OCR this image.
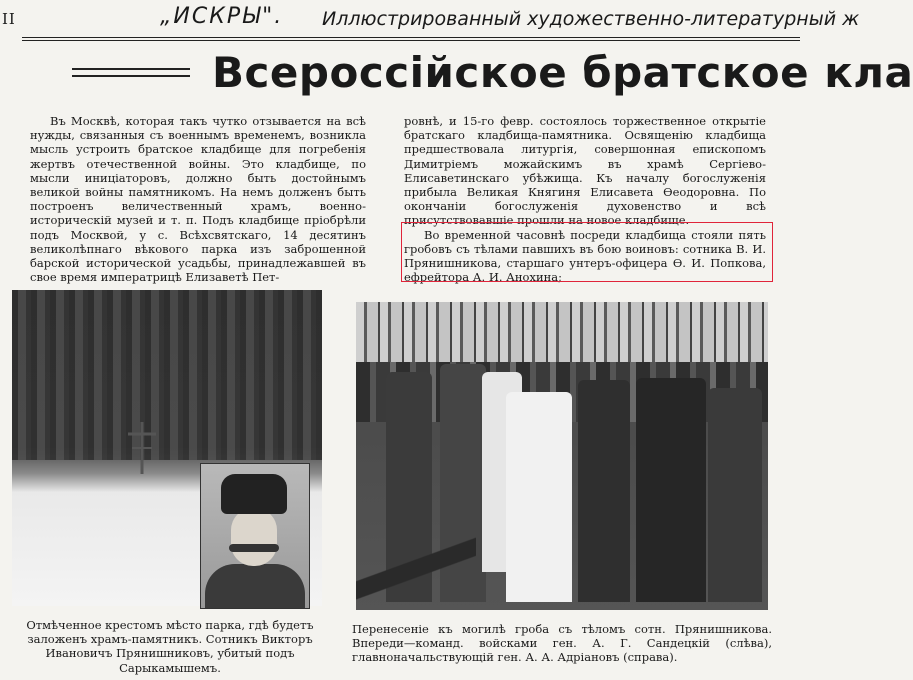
ІІ	„ИСКРЫ". Иллюстрированный художественно-литературный ж
Всероссійское братское кла

Въ Москвѣ, которая такъ чутко отзывается на всѣ нужды, связанныя съ военнымъ временемъ, возникла мысль устроить братское кладбище для погребенія жертвъ отечественной войны. Это кладбище, по мысли иниціаторовъ, должно быть достойнымъ великой войны памятникомъ. На немъ долженъ быть построенъ величественный храмъ, военно-историческій музей и т. п. Подъ кладбище пріобрѣли подъ Москвой, у с. Всѣхсвятскаго, 14 десятинъ великолѣпнаго вѣкового парка изъ заброшенной барской исторической усадьбы, принадлежавшей въ свое время императрицѣ Елизаветѣ Пет-

ровнѣ, и 15-го февр. состоялось торжественное открытіе братскаго кладбища-памятника. Освященію кладбища предшествовала литургія, совершонная епископомъ Димитріемъ можайскимъ въ храмѣ Сергіево-Елисаветинскаго убѣжища. Къ началу богослуженія прибыла Великая Княгиня Елисавета Ѳеодоровна. По окончаніи богослуженія духовенство и всѣ присутствовавшіе прошли на новое кладбище.

Во временной часовнѣ посреди кладбища стояли пять гробовъ съ тѣлами павшихъ въ бою воиновъ: сотника В. И. Прянишникова, старшаго унтеръ-офицера Ѳ. И. Попкова, ефрейтора А. И. Анохина;

Отмѣченное крестомъ мѣсто парка, гдѣ будетъ заложенъ храмъ-памятникъ. Сотникъ Викторъ Ивановичъ Прянишниковъ, убитый подъ Сарыкамышемъ.
Перенесеніе къ могилѣ гроба съ тѣломъ сотн. Прянишникова. Впереди—команд. войсками ген. А. Г. Сандецкій (слѣва), главноначальствующій ген. А. А. Адріановъ (справа).
